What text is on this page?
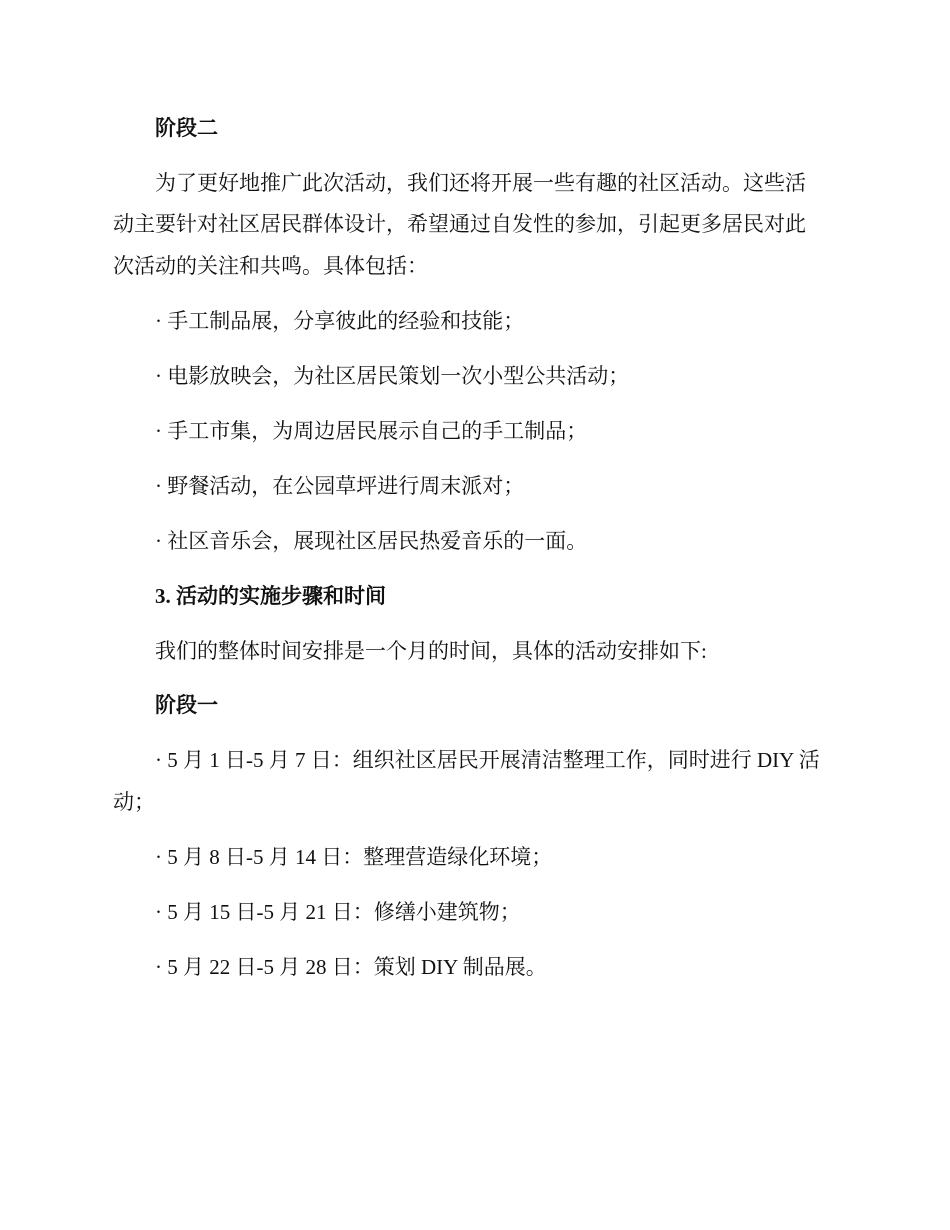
阶段二
为了更好地推广此次活动，我们还将开展一些有趣的社区活动。这些活
动主要针对社区居民群体设计，希望通过自发性的参加，引起更多居民对此
次活动的关注和共鸣。具体包括：
· 手工制品展，分享彼此的经验和技能；
· 电影放映会，为社区居民策划一次小型公共活动；
· 手工市集，为周边居民展示自己的手工制品；
· 野餐活动，在公园草坪进行周末派对；
· 社区音乐会，展现社区居民热爱音乐的一面。
3. 活动的实施步骤和时间
我们的整体时间安排是一个月的时间，具体的活动安排如下:
阶段一
· 5 月 1 日-5 月 7 日：组织社区居民开展清洁整理工作，同时进行 DIY 活
动；
· 5 月 8 日-5 月 14 日：整理营造绿化环境；
· 5 月 15 日-5 月 21 日：修缮小建筑物；
· 5 月 22 日-5 月 28 日：策划 DIY 制品展。
